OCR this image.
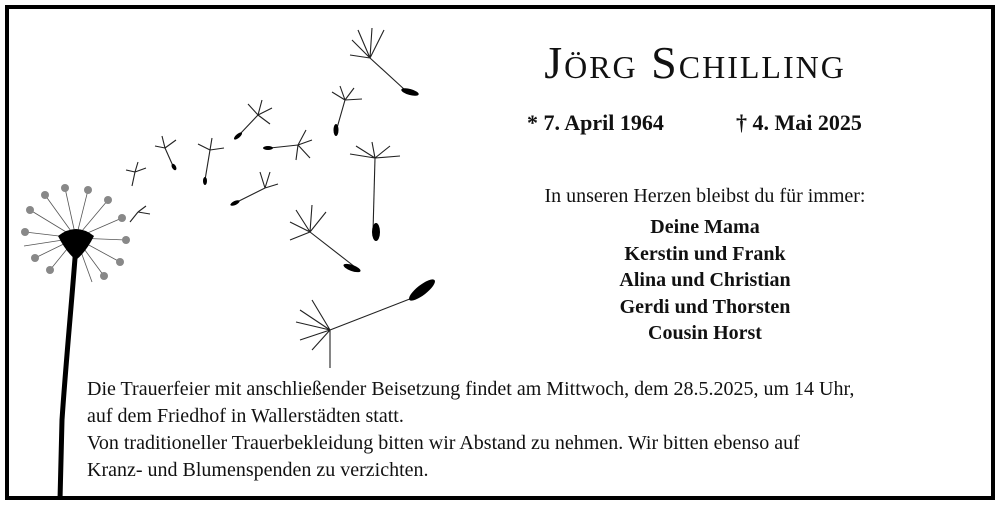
Jörg Schilling
* 7. April 1964	† 4. Mai 2025
In unseren Herzen bleibst du für immer:
Deine Mama
Kerstin und Frank
Alina und Christian
Gerdi und Thorsten
Cousin Horst

Die Trauerfeier mit anschließender Beisetzung findet am Mittwoch, dem 28.5.2025, um 14 Uhr,
auf dem Friedhof in Wallerstädten statt.
Von traditioneller Trauerbekleidung bitten wir Abstand zu nehmen. Wir bitten ebenso auf
Kranz- und Blumenspenden zu verzichten.
